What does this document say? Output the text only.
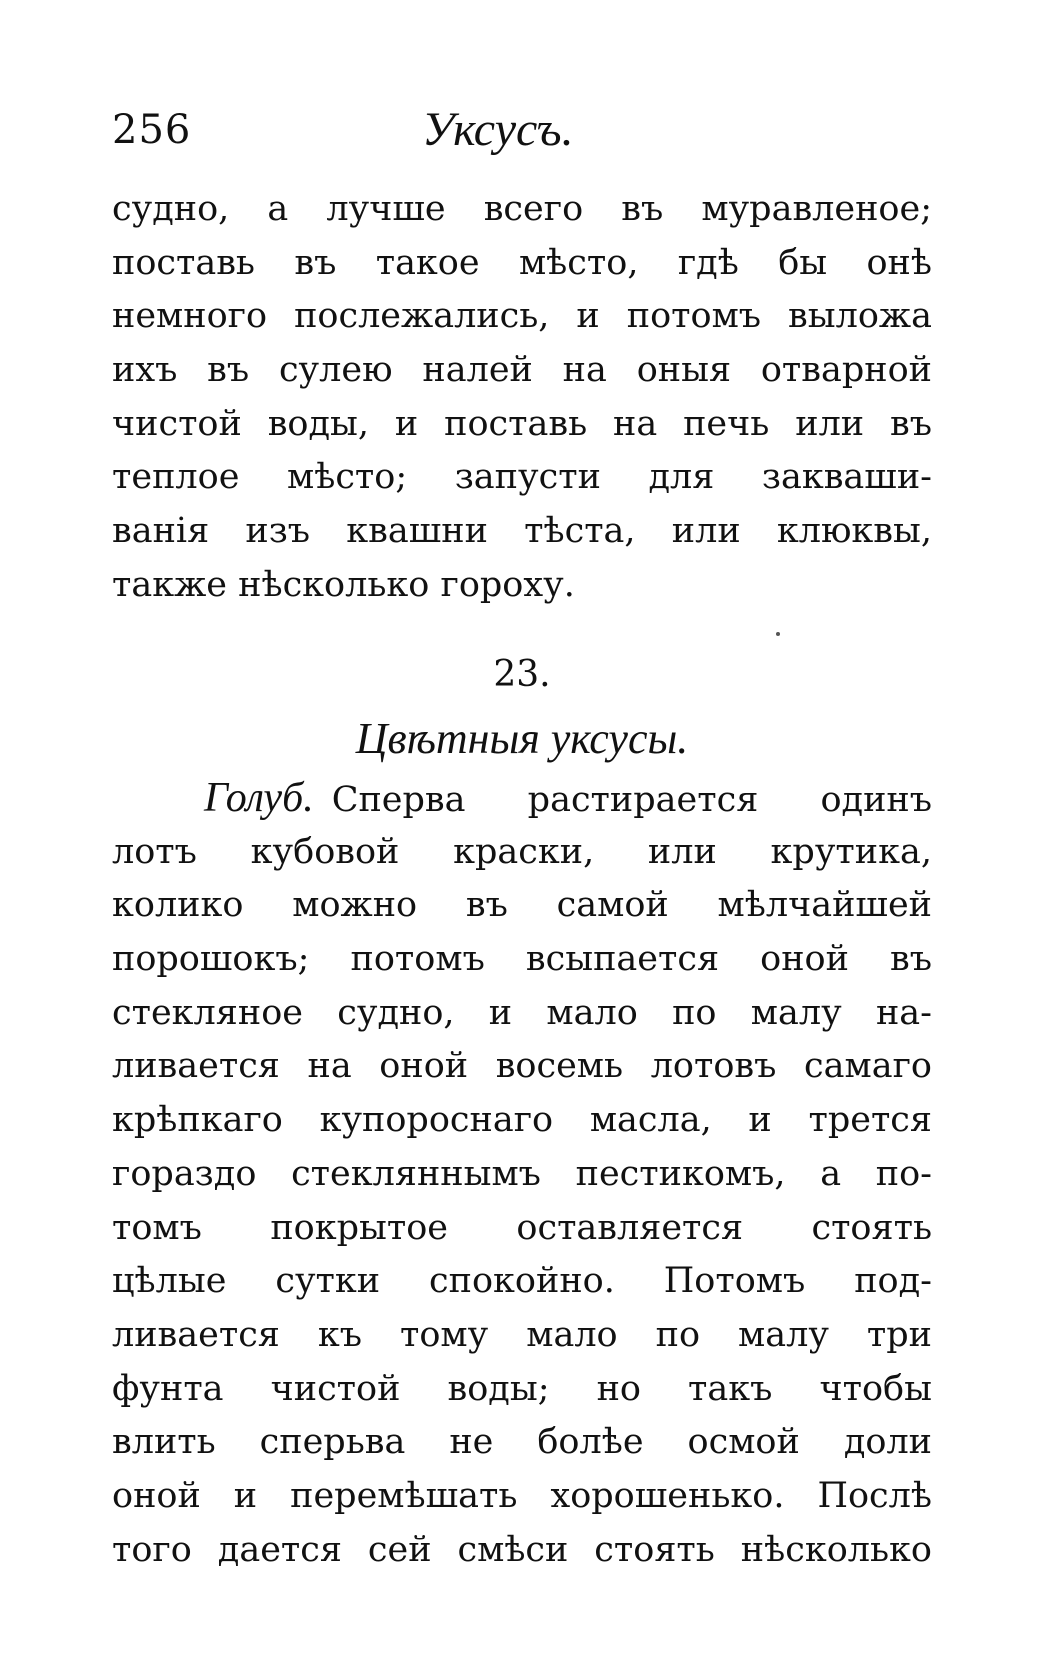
256	Уксусъ.
судно, а лучше всего въ муравленое;
поставь въ такое мѣсто, гдѣ бы онѣ
немного послежались, и потомъ выложа
ихъ въ сулею налей на оныя отварной
чистой воды, и поставь на печь или въ
теплое мѣсто; запусти для закваши-
ванія изъ квашни тѣста, или клюквы,
также нѣсколько гороху.
23.
Цвѣтныя уксусы.
Голуб. Сперва растирается одинъ
лотъ кубовой краски, или крутика,
колико можно въ самой мѣлчайшей
порошокъ; потомъ всыпается оной въ
стекляное судно, и мало по малу на-
ливается на оной восемь лотовъ самаго
крѣпкаго купороснаго масла, и трется
гораздо стекляннымъ пестикомъ, а по-
томъ покрытое оставляется стоять
цѣлые сутки спокойно. Потомъ под-
ливается къ тому мало по малу три
фунта чистой воды; но такъ чтобы
влить сперьва не болѣе осмой доли
оной и перемѣшать хорошенько. Послѣ
того дается сей смѣси стоять нѣсколько
